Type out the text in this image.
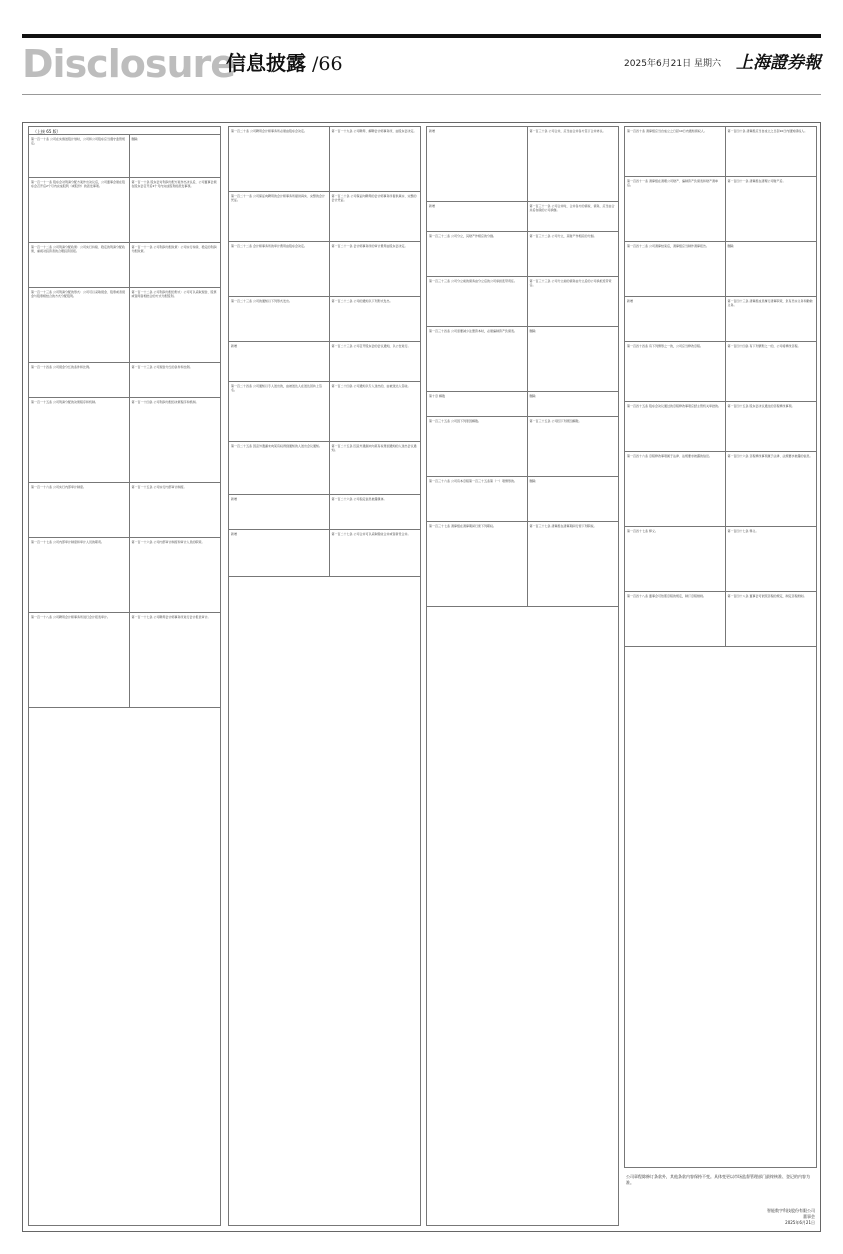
Disclosure
信息披露 /66	2025年6月21日 星期六 上海證券報
（上接 65 版）
第一百一十条 公司在实施送股计划时，公司和公司股东应当遵守监管规定。	删除
第一百一十一条 股东会对利润分配方案作出决议后，公司董事会须在股东会召开后2个月内完成股利（或股份）的派发事项。	第一百一十条 股东会对利润分配方案作出决议后，公司董事会须在股东会召开后2个月内完成股利的派发事项。
第一百一十二条 公司利润分配政策：公司实行持续、稳定的利润分配政策，重视对投资者的合理投资回报。	第一百一十一条 公司利润分配政策：公司实行持续、稳定的利润分配政策。
第一百一十三条 公司利润分配的形式：公司可以采取现金、股票或者现金与股票相结合的方式分配股利。	第一百一十二条 公司利润分配的形式：公司可以采取现金、股票或者两者相结合的方式分配股利。
第一百一十四条 公司现金分红的条件和比例。	第一百一十三条 公司现金分红的条件和比例。
第一百一十五条 公司利润分配的决策程序和机制。	第一百一十四条 公司利润分配的决策程序和机制。
第一百一十六条 公司实行内部审计制度。	第一百一十五条 公司实行内部审计制度。
第一百一十七条 公司内部审计制度和审计人员的职责。	第一百一十六条 公司内部审计制度和审计人员的职责。
第一百一十八条 公司聘用会计师事务所进行会计报表审计。	第一百一十七条 公司聘用会计师事务所进行会计报表审计。
第一百二十条 公司聘用会计师事务所必须由股东会决定。	第一百一十九条 公司聘用、解聘会计师事务所，由股东会决定。
第一百二十一条 公司保证向聘用的会计师事务所提供真实、完整的会计凭证。	第一百二十条 公司保证向聘用的会计师事务所提供真实、完整的会计凭证。
第一百二十二条 会计师事务所的审计费用由股东会决定。	第一百二十一条 会计师事务所的审计费用由股东会决定。
第一百二十三条 公司的通知以下列形式发出。	第一百二十二条 公司的通知以下列形式发出。
新增	第一百二十三条 公司召开股东会的会议通知，以公告进行。
第一百二十四条 公司通知以专人送出的，由被送达人在送达回执上签名。	第一百二十四条 公司通知以专人送出的，由被送达人签收。
第一百二十五条 因意外遗漏未向某有权得到通知的人送出会议通知。	第一百二十五条 因意外遗漏未向某有权得到通知的人送出会议通知。
新增	第一百二十六条 公司指定信息披露媒体。
新增	第一百二十七条 公司合并可以采取吸收合并或者新设合并。
新增	第一百三十条 公司合并，应当由合并各方签订合并协议。
新增	第一百三十一条 公司合并时，合并各方的债权、债务，应当由合并后存续的公司承继。
第一百三十二条 公司分立，其财产作相应的分割。	第一百三十二条 公司分立，其财产作相应的分割。
第一百三十三条 公司分立前的债务由分立后的公司承担连带责任。	第一百三十三条 公司分立前的债务由分立后的公司承担连带责任。
第一百三十四条 公司需要减少注册资本时，必须编制资产负债表。	删除
第十章 解散	删除
第一百三十五条 公司因下列原因解散。	第一百三十五条 公司因下列原因解散。
第一百三十六条 公司有本章程第一百三十五条第（一）项情形的。	删除
第一百三十七条 清算组在清算期间行使下列职权。	第一百三十七条 清算组在清算期间行使下列职权。
第一百四十条 清算组应当自成立之日起10日内通知债权人。	第一百四十条 清算组应当自成立之日起10日内通知债权人。
第一百四十一条 清算组在清理公司财产、编制资产负债表和财产清单后。	第一百四十一条 清算组在清理公司财产后。
第一百四十二条 公司清算结束后，清算组应当制作清算报告。	删除
新增	第一百四十三条 清算组成员履行清算职责，负有忠实义务和勤勉义务。
第一百四十四条 有下列情形之一的，公司应当修改章程。	第一百四十四条 有下列情形之一的，公司将修改章程。
第一百四十五条 股东会决议通过的章程修改事项应经主管机关审批的。	第一百四十五条 股东会决议通过的章程修改事项。
第一百四十六条 章程修改事项属于法律、法规要求披露的信息。	第一百四十六条 章程修改事项属于法律、法规要求披露的信息。
第一百四十七条 释义。	第一百四十七条 释义。
第一百四十八条 董事会可依照章程的规定，制订章程细则。	第一百四十八条 董事会可依照章程的规定，制定章程细则。
公司章程除修订条款外，其他条款内容保持不变。具体变更以市场监督管理部门最终核准、登记的内容为准。
智能数字科技股份有限公司
董事会
2025年6月21日
